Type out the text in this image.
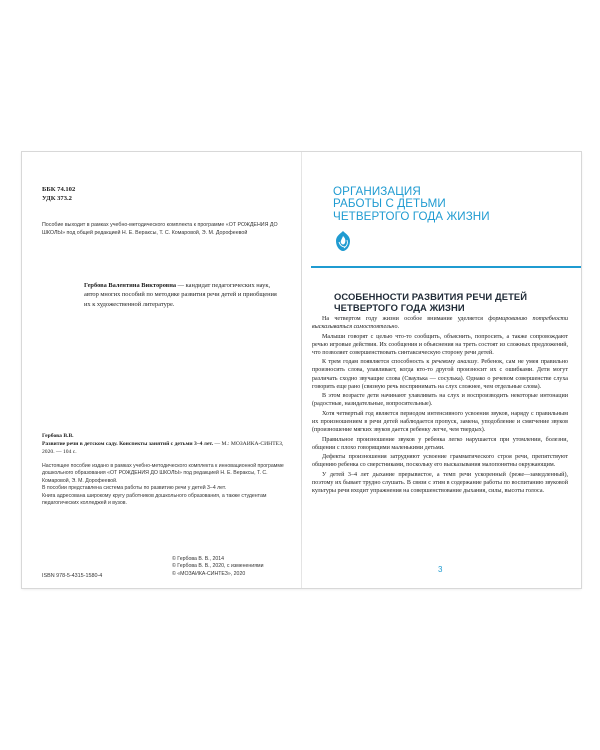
ББК 74.102
УДК 373.2
Пособие выходит в рамках учебно-методического комплекта к программе «ОТ РОЖДЕНИЯ ДО ШКОЛЫ» под общей редакцией Н. Е. Вераксы, Т. С. Комаровой, Э. М. Дорофеевой
Гербова Валентина Викторовна — кандидат педагогических наук, автор многих пособий по методике развития речи детей и приобщения их к художественной литературе.
Гербова В.В.
Развитие речи в детском саду. Конспекты занятий с детьми 3–4 лет. — М.: МОЗАИКА-СИНТЕЗ, 2020. — 104 с.

Настоящее пособие издано в рамках учебно-методического комплекта к инновационной программе дошкольного образования «ОТ РОЖДЕНИЯ ДО ШКОЛЫ» под редакцией Н. Е. Вераксы, Т. С. Комаровой, Э. М. Дорофеевой.

В пособии представлена система работы по развитию речи у детей 3–4 лет.

Книга адресована широкому кругу работников дошкольного образования, а также студентам педагогических колледжей и вузов.

© Гербова В. В., 2014
© Гербова В. В., 2020, с изменениями
© «МОЗАИКА-СИНТЕЗ», 2020
ISBN 978-5-4315-1580-4
ОРГАНИЗАЦИЯ
РАБОТЫ С ДЕТЬМИ
ЧЕТВЕРТОГО ГОДА ЖИЗНИ
ОСОБЕННОСТИ РАЗВИТИЯ РЕЧИ ДЕТЕЙ
ЧЕТВЕРТОГО ГОДА ЖИЗНИ

На четвертом году жизни особое внимание уделяется формированию потребности высказываться самостоятельно.

Малыши говорят с целью что-то сообщить, объяснить, попросить, а также сопровождают речью игровые действия. Их сообщения и объяснения на треть состоят из сложных предложений, что позволяет совершенствовать синтаксическую сторону речи детей.

К трем годам появляется способность к речевому анализу. Ребенок, сам не умея правильно произносить слова, улавливает, когда кто-то другой произносит их с ошибками. Дети могут различать сходно звучащие слова (Сваулька — сосулька). Однако о речевом совершенстве слуха говорить еще рано (связную речь воспринимать на слух сложнее, чем отдельные слова).

В этом возрасте дети начинают улавливать на слух и воспроизводить некоторые интонации (радостные, назидательные, вопросительные).

Хотя четвертый год является периодом интенсивного усвоения звуков, наряду с правильным их произношением в речи детей наблюдается пропуск, замена, уподобление и смягчение звуков (произношение мягких звуков дается ребенку легче, чем твердых).

Правильное произношение звуков у ребенка легко нарушается при утомлении, болезни, общении с плохо говорящими маленькими детьми.

Дефекты произношения затрудняют усвоение грамматического строя речи, препятствуют общению ребенка со сверстниками, поскольку его высказывания малопонятны окружающим.

У детей 3–4 лет дыхание прерывистое, а темп речи ускоренный (реже—замедленный), поэтому их бывает трудно слушать. В связи с этим в содержание работы по воспитанию звуковой культуры речи входит упражнения на совершенствование дыхания, силы, высоты голоса.

3
